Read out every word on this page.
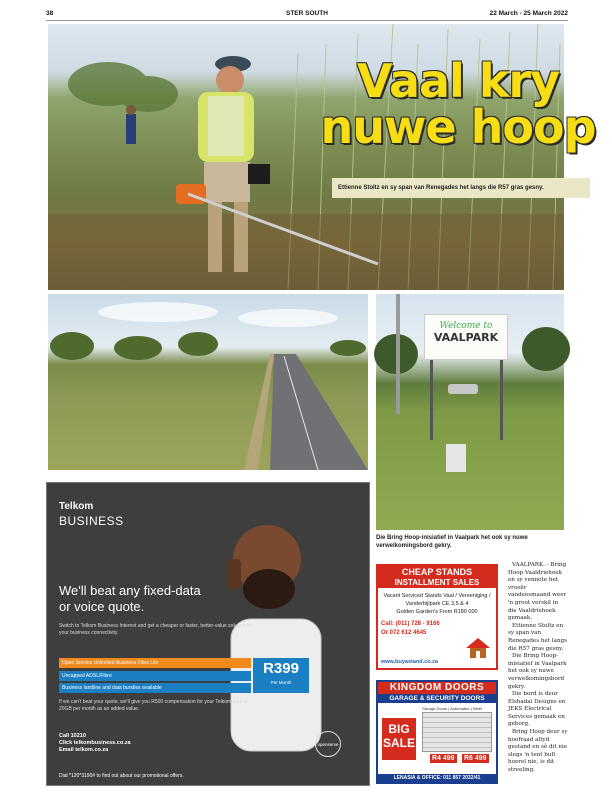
38	STER SOUTH	22 March - 25 March 2022
Vaal kry
nuwe hoop
Ettienne Stoltz en sy span van Renegades het langs die R57 gras gesny.
Welcome to
VAALPARK
Die Bring Hoop-inisiatief in Vaalpark het ook sy nuwe verwelkomingsbord gekry.
Telkom
BUSINESS
We'll beat any fixed-data or voice quote.
Switch to Telkom Business Internet and get a cheaper or faster, better-value solution for your business connectivity.
Open Service Unlimited Business Fibre Lite
Uncapped ADSL/Fibre
Business landline and data bundles available
R399
Per Month
If we can't beat your quote, we'll give you R500 compensation for your Telkom data at 20GB per month as an added value.
Call 10210
Click telkombusiness.co.za
Email telkom.co.za
Dial *120*3190# to find out about our promotional offers.
openserve
CHEAP STANDS
INSTALLMENT SALES
Vacant Serviced Stands Vaal / Vereeniging / Vanderbijlpark CE 3,5 & 4
Golden Garden's From R180 000
Call: (011) 728 - 9166
Or 072 612 4645
www.buyastand.co.za
KINGDOM DOORS
GARAGE & SECURITY DOORS
Garage Doors | Automated | Steel
BIG SALE
R4 499 R6 499
LENASIA & OFFICE: 011 857 2032/41

VAALPARK. - Bring Hoop Vaaldriehoek en sy vennote het vroeër vandeesmaand weer 'n groot verskil in die Vaaldriehoek gemaak.

Ettienne Stoltz en sy span van Renegades het langs die R57 gras gesny.

Die Bring Hoop-inisiatief in Vaalpark het ook sy nuwe verwelkomingsbord gekry.

Die bord is deur Elshadai Designs en JEKS Electrical Services gemaak en geborg.

Bring Hoop deur sy hoofraad altyd gestand en sê dit nie slegs 'n tent bult hoerel nie, is dit streeling.
